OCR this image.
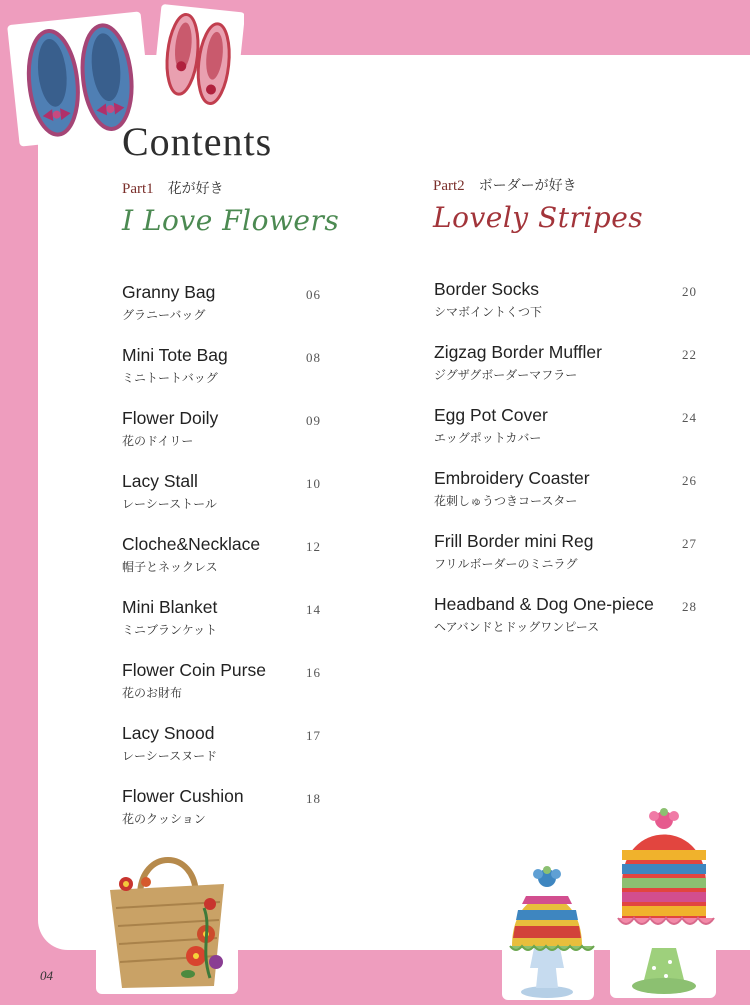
Contents
Part1 花が好き
I Love Flowers
Part2 ボーダーが好き
Lovely Stripes
Granny Bag
グラニーバッグ
06
Mini Tote Bag
ミニトートバッグ
08
Flower Doily
花のドイリー
09
Lacy Stall
レーシーストール
10
Cloche&Necklace
帽子とネックレス
12
Mini Blanket
ミニブランケット
14
Flower Coin Purse
花のお財布
16
Lacy Snood
レーシースヌード
17
Flower Cushion
花のクッション
18
Border Socks
シマボイントくつ下
20
Zigzag Border Muffler
ジグザグボーダーマフラー
22
Egg Pot Cover
エッグポットカバー
24
Embroidery Coaster
花刺しゅうつきコースター
26
Frill Border mini Reg
フリルボーダーのミニラグ
27
Headband & Dog One-piece
ヘアバンドとドッグワンピース
28
04
